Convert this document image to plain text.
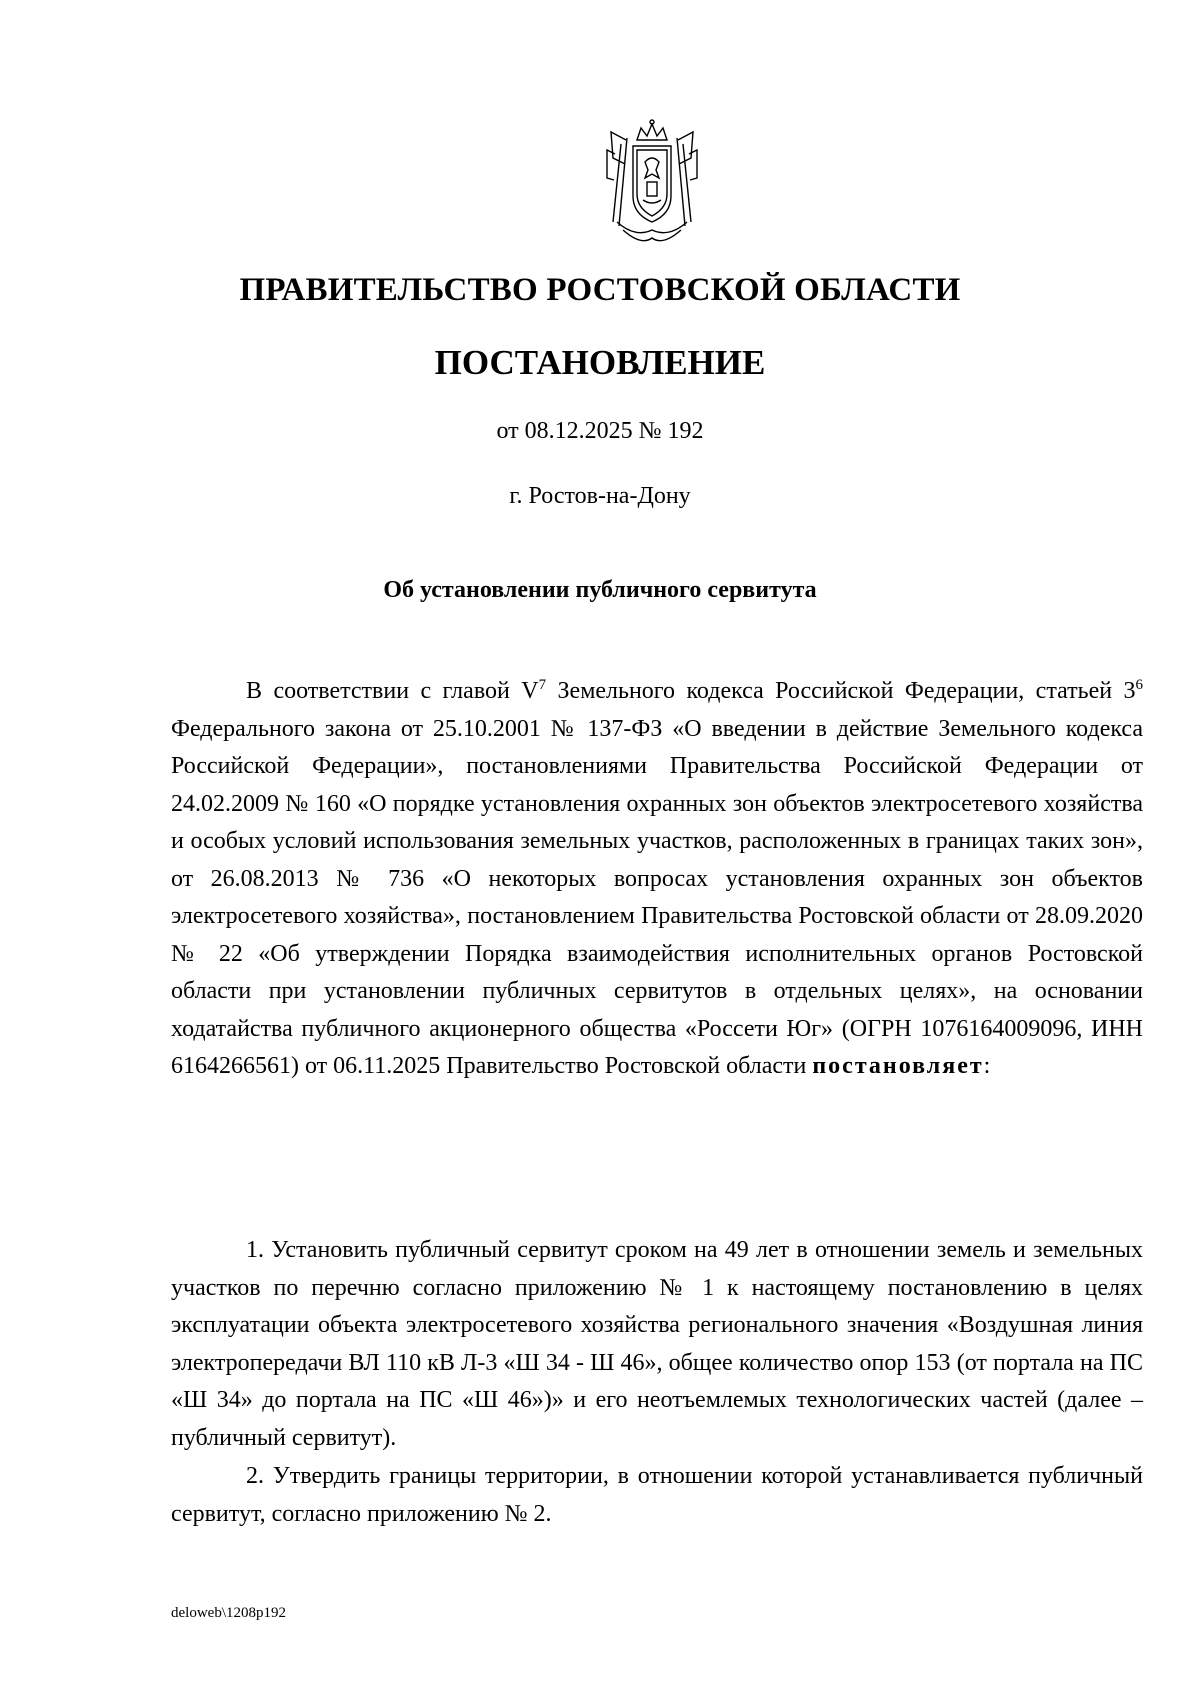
ПРАВИТЕЛЬСТВО РОСТОВСКОЙ ОБЛАСТИ
ПОСТАНОВЛЕНИЕ
от 08.12.2025 № 192
г. Ростов-на-Дону
Об установлении публичного сервитута

В соответствии с главой $V^7$ Земельного кодекса Российской Федерации, статьей $3^6$ Федерального закона от 25.10.2001 № 137-ФЗ «О введении в действие Земельного кодекса Российской Федерации», постановлениями Правительства Российской Федерации от 24.02.2009 № 160 «О порядке установления охранных зон объектов электросетевого хозяйства и особых условий использования земельных участков, расположенных в границах таких зон», от 26.08.2013 № 736 «О некоторых вопросах установления охранных зон объектов электросетевого хозяйства», постановлением Правительства Ростовской области от 28.09.2020 № 22 «Об утверждении Порядка взаимодействия исполнительных органов Ростовской области при установлении публичных сервитутов в отдельных целях», на основании ходатайства публичного акционерного общества «Россети Юг» (ОГРН 1076164009096, ИНН 6164266561) от 06.11.2025 Правительство Ростовской области постановляет:

1. Установить публичный сервитут сроком на 49 лет в отношении земель и земельных участков по перечню согласно приложению № 1 к настоящему постановлению в целях эксплуатации объекта электросетевого хозяйства регионального значения «Воздушная линия электропередачи ВЛ 110 кВ Л-3 «Ш 34 - Ш 46», общее количество опор 153 (от портала на ПС «Ш 34» до портала на ПС «Ш 46»)» и его неотъемлемых технологических частей (далее – публичный сервитут).

2. Утвердить границы территории, в отношении которой устанавливается публичный сервитут, согласно приложению № 2.

deloweb\1208p192
